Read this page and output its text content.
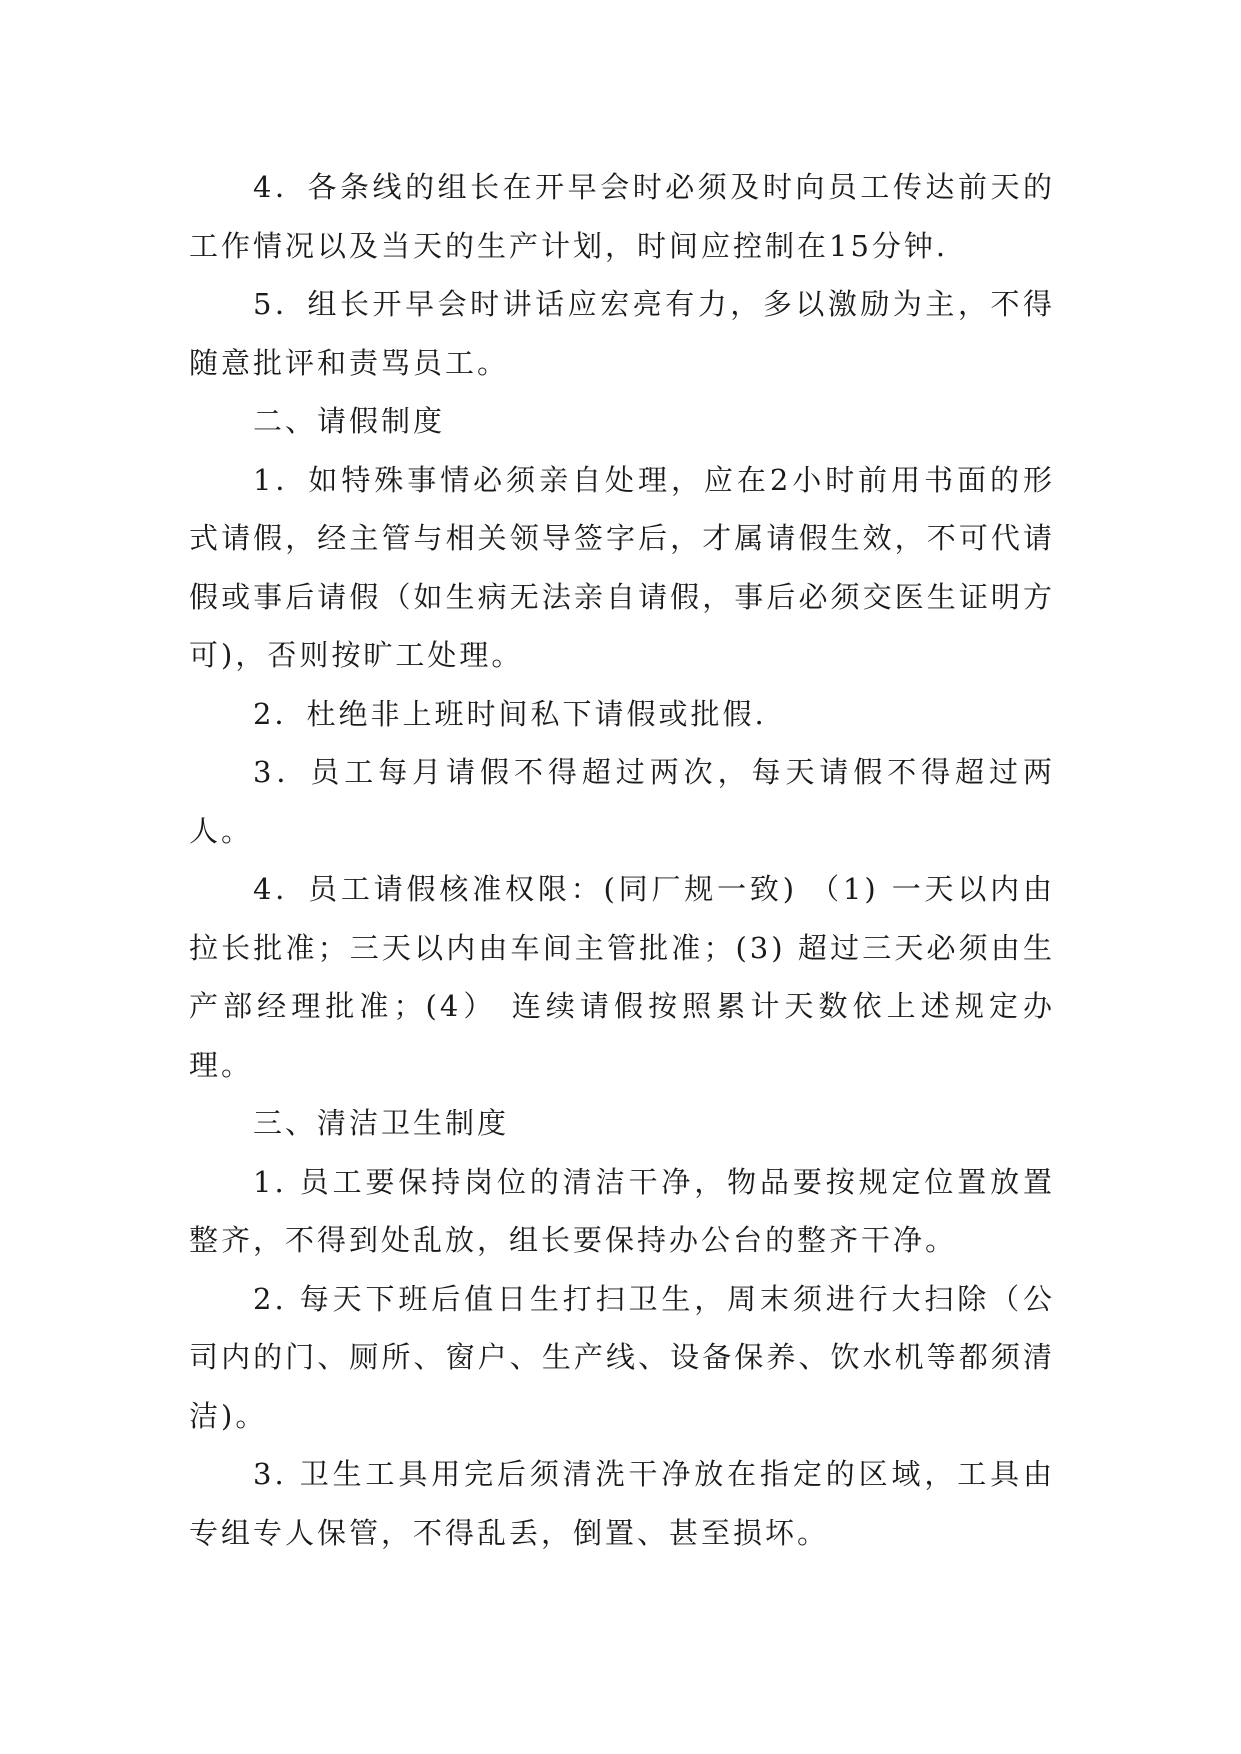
4．各条线的组长在开早会时必须及时向员工传达前天的工作情况以及当天的生产计划，时间应控制在15分钟.

5．组长开早会时讲话应宏亮有力，多以激励为主，不得随意批评和责骂员工。

二、请假制度

1．如特殊事情必须亲自处理，应在2小时前用书面的形式请假，经主管与相关领导签字后，才属请假生效，不可代请假或事后请假（如生病无法亲自请假，事后必须交医生证明方可)，否则按旷工处理。

2．杜绝非上班时间私下请假或批假.

3．员工每月请假不得超过两次，每天请假不得超过两人。

4．员工请假核准权限：(同厂规一致) （1) 一天以内由拉长批准；三天以内由车间主管批准；(3) 超过三天必须由生产部经理批准；(4） 连续请假按照累计天数依上述规定办理。

三、清洁卫生制度

1. 员工要保持岗位的清洁干净，物品要按规定位置放置整齐，不得到处乱放，组长要保持办公台的整齐干净。

2. 每天下班后值日生打扫卫生，周末须进行大扫除（公司内的门、厕所、窗户、生产线、设备保养、饮水机等都须清洁)。

3. 卫生工具用完后须清洗干净放在指定的区域，工具由专组专人保管，不得乱丢，倒置、甚至损坏。
